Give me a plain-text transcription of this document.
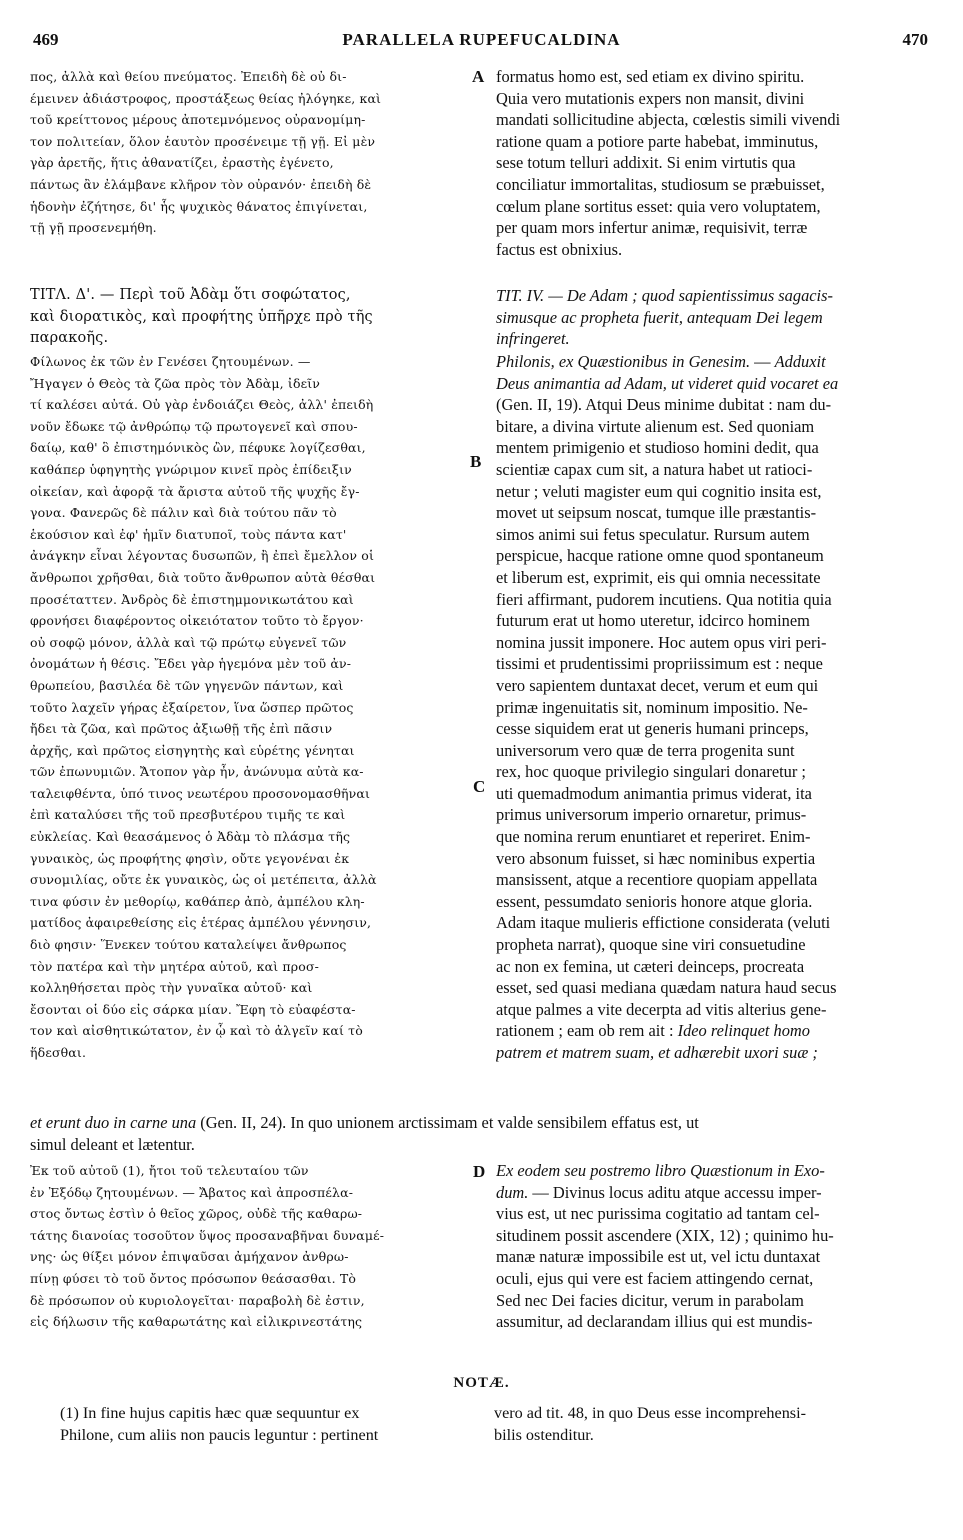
469	PARALLELA RUPEFUCALDINA	470
A
B
C
D
πος, ἀλλὰ καὶ θείου πνεύματος. Ἐπειδὴ δὲ οὐ δι-
έμεινεν ἀδιάστροφος, προστάξεως θείας ἠλόγηκε, καὶ
τοῦ κρείττονος μέρους ἀποτεμνόμενος οὐρανομίμη-
τον πολιτείαν, ὅλον ἑαυτὸν προσένειμε τῇ γῇ. Εἰ μὲν
γὰρ ἀρετῆς, ἥτις ἀθανατίζει, ἐραστὴς ἐγένετο,
πάντως ἂν ἐλάμβανε κλῆρον τὸν οὐρανόν· ἐπειδὴ δὲ
ἡδονὴν ἐζήτησε, δι' ἧς ψυχικὸς θάνατος ἐπιγίνεται,
τῇ γῇ προσενεμήθη.
ΤΙΤΛ. Δ'. — Περὶ τοῦ Ἀδὰμ ὅτι σοφώτατος,
καὶ διορατικὸς, καὶ προφήτης ὑπῆρχε πρὸ τῆς
παρακοῆς.
Φίλωνος ἐκ τῶν ἐν Γενέσει ζητουμένων. —
Ἤγαγεν ὁ Θεὸς τὰ ζῶα πρὸς τὸν Ἀδὰμ, ἰδεῖν
τί καλέσει αὐτά. Οὐ γὰρ ἐνδοιάζει Θεὸς, ἀλλ' ἐπειδὴ
νοῦν ἔδωκε τῷ ἀνθρώπῳ τῷ πρωτογενεῖ καὶ σπου-
δαίῳ, καθ' ὃ ἐπιστημόνικὸς ὢν, πέφυκε λογίζεσθαι,
καθάπερ ὑφηγητὴς γνώριμον κινεῖ πρὸς ἐπίδειξιν
οἰκείαν, καὶ ἀφορᾷ τὰ ἄριστα αὐτοῦ τῆς ψυχῆς ἔγ-
γονα. Φανερῶς δὲ πάλιν καὶ διὰ τούτου πᾶν τὸ
ἑκούσιον καὶ ἐφ' ἡμῖν διατυποῖ, τοὺς πάντα κατ'
ἀνάγκην εἶναι λέγοντας δυσωπῶν, ἢ ἐπεὶ ἔμελλον οἱ
ἄνθρωποι χρῆσθαι, διὰ τοῦτο ἄνθρωπον αὐτὰ θέσθαι
προσέταττεν. Ἀνδρὸς δὲ ἐπιστημμονικωτάτου καὶ
φρονήσει διαφέροντος οἰκειότατον τοῦτο τὸ ἔργον·
οὐ σοφῷ μόνον, ἀλλὰ καὶ τῷ πρώτῳ εὐγενεῖ τῶν
ὀνομάτων ἡ θέσις. Ἔδει γὰρ ἡγεμόνα μὲν τοῦ ἀν-
θρωπείου, βασιλέα δὲ τῶν γηγενῶν πάντων, καὶ
τοῦτο λαχεῖν γήρας ἐξαίρετον, ἵνα ὥσπερ πρῶτος
ἤδει τὰ ζῶα, καὶ πρῶτος ἀξιωθῇ τῆς ἐπὶ πᾶσιν
ἀρχῆς, καὶ πρῶτος εἰσηγητὴς καὶ εὑρέτης γένηται
τῶν ἐπωνυμιῶν. Ἄτοπον γὰρ ἦν, ἀνώνυμα αὐτὰ κα-
ταλειφθέντα, ὑπό τινος νεωτέρου προσονομασθῆναι
ἐπὶ καταλύσει τῆς τοῦ πρεσβυτέρου τιμῆς τε καὶ
εὐκλείας. Καὶ θεασάμενος ὁ Ἀδὰμ τὸ πλάσμα τῆς
γυναικὸς, ὡς προφήτης φησὶν, οὔτε γεγονέναι ἐκ
συνομιλίας, οὔτε ἐκ γυναικὸς, ὡς οἱ μετέπειτα, ἀλλὰ
τινα φύσιν ἐν μεθορίῳ, καθάπερ ἀπὸ, ἀμπέλου κλη-
ματίδος ἀφαιρεθείσης εἰς ἑτέρας ἀμπέλου γέννησιν,
διὸ φησιν· Ἕνεκεν τούτου καταλείψει ἄνθρωπος
τὸν πατέρα καὶ τὴν μητέρα αὐτοῦ, καὶ προσ-
κολληθήσεται πρὸς τὴν γυναῖκα αὐτοῦ· καὶ
ἔσονται οἱ δύο εἰς σάρκα μίαν. Ἔφη τὸ εὐαφέστα-
τον καὶ αἰσθητικώτατον, ἐν ᾧ καὶ τὸ ἀλγεῖν καί τὸ
ἥδεσθαι.
formatus homo est, sed etiam ex divino spiritu.
Quia vero mutationis expers non mansit, divini
mandati sollicitudine abjecta, cœlestis simili vivendi
ratione quam a potiore parte habebat, imminutus,
sese totum telluri addixit. Si enim virtutis qua
conciliatur immortalitas, studiosum se præbuisset,
cœlum plane sortitus esset: quia vero voluptatem,
per quam mors infertur animæ, requisivit, terræ
factus est obnixius.
TIT. IV. — De Adam ; quod sapientissimus sagacis-
simusque ac propheta fuerit, antequam Dei legem
infringeret.
Philonis, ex Quæstionibus in Genesim. — Adduxit
Deus animantia ad Adam, ut videret quid vocaret ea
(Gen. II, 19). Atqui Deus minime dubitat : nam du-
bitare, a divina virtute alienum est. Sed quoniam
mentem primigenio et studioso homini dedit, qua
scientiæ capax cum sit, a natura habet ut ratioci-
netur ; veluti magister eum qui cognitio insita est,
movet ut seipsum noscat, tumque ille præstantis-
simos animi sui fetus speculatur. Rursum autem
perspicue, hacque ratione omne quod spontaneum
et liberum est, exprimit, eis qui omnia necessitate
fieri affirmant, pudorem incutiens. Qua notitia quia
futurum erat ut homo uteretur, idcirco hominem
nomina jussit imponere. Hoc autem opus viri peri-
tissimi et prudentissimi propriissimum est : neque
vero sapientem duntaxat decet, verum et eum qui
primæ ingenuitatis sit, nominum impositio. Ne-
cesse siquidem erat ut generis humani princeps,
universorum vero quæ de terra progenita sunt
rex, hoc quoque privilegio singulari donaretur ;
uti quemadmodum animantia primus viderat, ita
primus universorum imperio ornaretur, primus-
que nomina rerum enuntiaret et reperiret. Enim-
vero absonum fuisset, si hæc nominibus expertia
mansissent, atque a recentiore quopiam appellata
essent, pessumdato senioris honore atque gloria.
Adam itaque mulieris effictione considerata (veluti
propheta narrat), quoque sine viri consuetudine
ac non ex femina, ut cæteri deinceps, procreata
esset, sed quasi mediana quædam natura haud secus
atque palmes a vite decerpta ad vitis alterius gene-
rationem ; eam ob rem ait : Ideo relinquet homo
patrem et matrem suam, et adhærebit uxori suæ ;
et erunt duo in carne una (Gen. II, 24). In quo unionem arctissimam et valde sensibilem effatus est, ut
simul deleant et lætentur.
Ἐκ τοῦ αὐτοῦ (1), ἤτοι τοῦ τελευταίου τῶν
ἐν Ἐξόδῳ ζητουμένων. — Ἄβατος καὶ ἀπροσπέλα-
στος ὄντως ἐστὶν ὁ θεῖος χῶρος, οὐδὲ τῆς καθαρω-
τάτης διανοίας τοσοῦτον ὕψος προσαναβῆναι δυναμέ-
νης· ὡς θίξει μόνον ἐπιψαῦσαι ἀμήχανον ἀνθρω-
πίνῃ φύσει τὸ τοῦ ὄντος πρόσωπον θεάσασθαι. Τὸ
δὲ πρόσωπον οὐ κυριολογεῖται· παραβολὴ δὲ ἐστιν,
εἰς δήλωσιν τῆς καθαρωτάτης καὶ εἰλικρινεστάτης
Ex eodem seu postremo libro Quæstionum in Exo-
dum. — Divinus locus aditu atque accessu imper-
vius est, ut nec purissima cogitatio ad tantam cel-
situdinem possit ascendere (XIX, 12) ; quinimo hu-
manæ naturæ impossibile est ut, vel ictu duntaxat
oculi, ejus qui vere est faciem attingendo cernat,
Sed nec Dei facies dicitur, verum in parabolam
assumitur, ad declarandam illius qui est mundis-
NOTÆ.
(1) In fine hujus capitis hæc quæ sequuntur ex
Philone, cum aliis non paucis leguntur : pertinent
vero ad tit. 48, in quo Deus esse incomprehensi-
bilis ostenditur.
